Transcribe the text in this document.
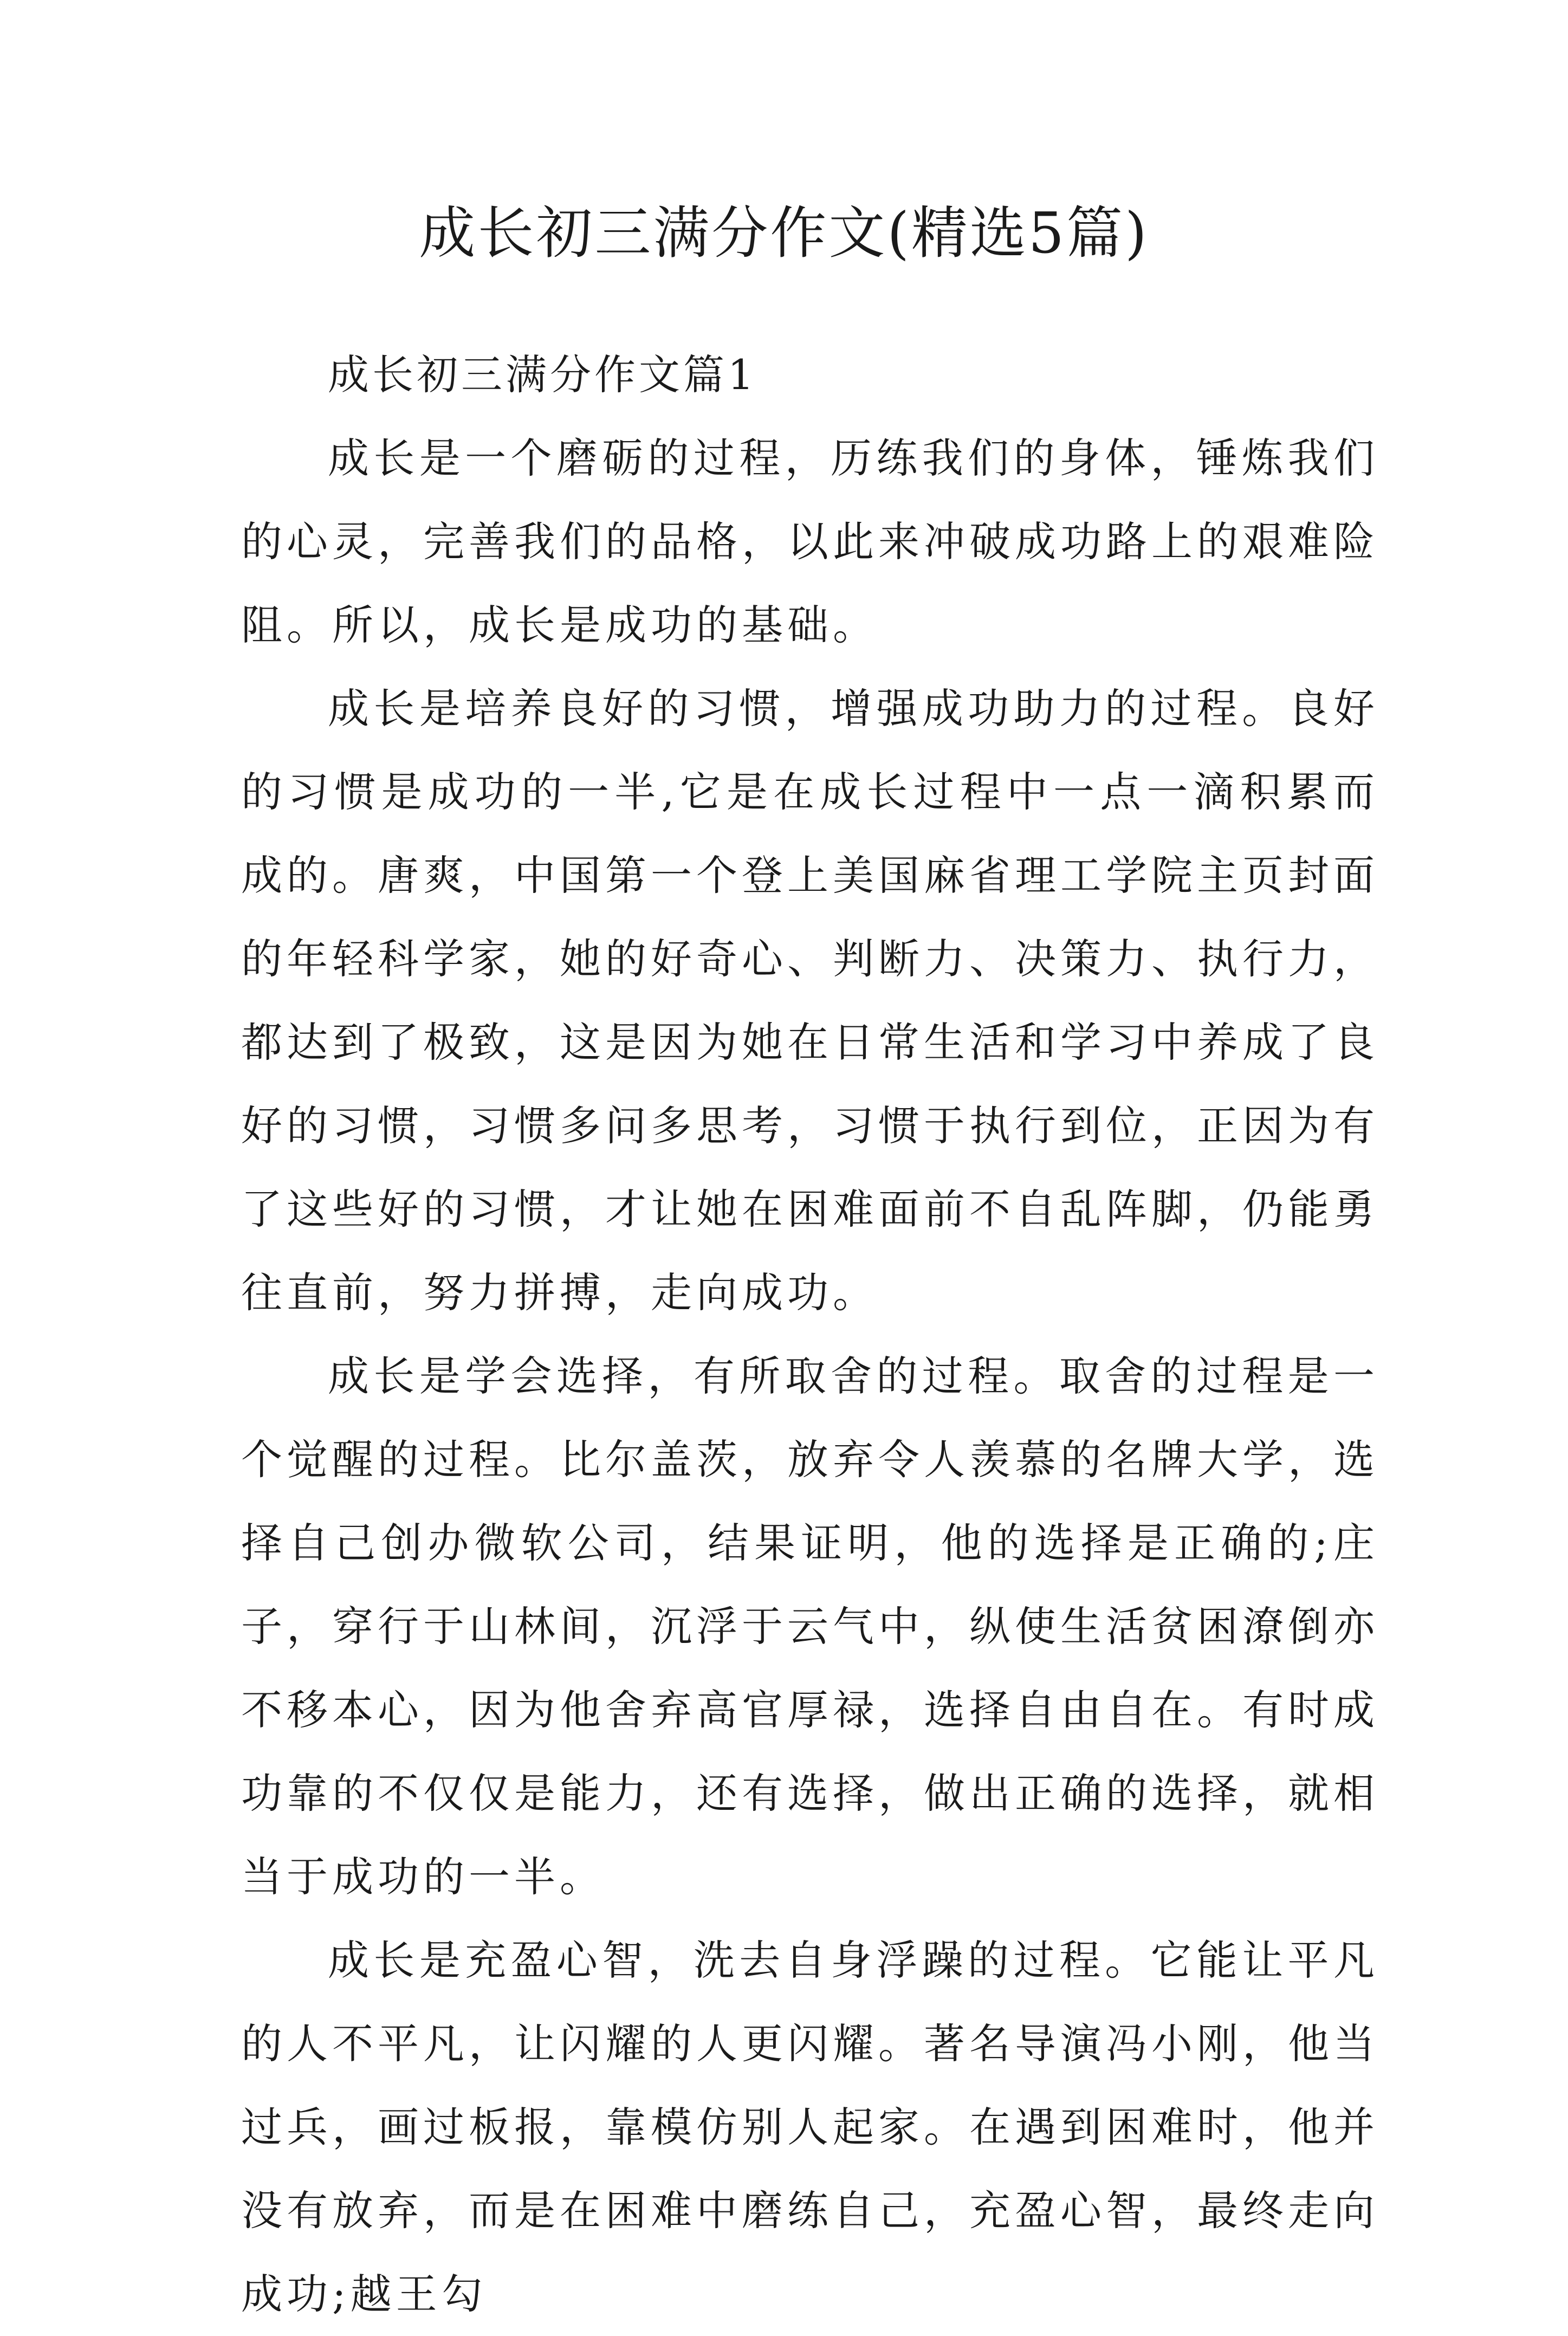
成长初三满分作文(精选5篇)

成长初三满分作文篇1

成长是一个磨砺的过程，历练我们的身体，锤炼我们的心灵，完善我们的品格，以此来冲破成功路上的艰难险阻。所以，成长是成功的基础。

成长是培养良好的习惯，增强成功助力的过程。良好的习惯是成功的一半,它是在成长过程中一点一滴积累而成的。唐爽，中国第一个登上美国麻省理工学院主页封面的年轻科学家，她的好奇心、判断力、决策力、执行力，都达到了极致，这是因为她在日常生活和学习中养成了良好的习惯，习惯多问多思考，习惯于执行到位，正因为有了这些好的习惯，才让她在困难面前不自乱阵脚，仍能勇往直前，努力拼搏，走向成功。

成长是学会选择，有所取舍的过程。取舍的过程是一个觉醒的过程。比尔盖茨，放弃令人羡慕的名牌大学，选择自己创办微软公司，结果证明，他的选择是正确的;庄子，穿行于山林间，沉浮于云气中，纵使生活贫困潦倒亦不移本心，因为他舍弃高官厚禄，选择自由自在。有时成功靠的不仅仅是能力，还有选择，做出正确的选择，就相当于成功的一半。

成长是充盈心智，洗去自身浮躁的过程。它能让平凡的人不平凡，让闪耀的人更闪耀。著名导演冯小刚，他当过兵，画过板报，靠模仿别人起家。在遇到困难时，他并没有放弃，而是在困难中磨练自己，充盈心智，最终走向成功;越王勾
